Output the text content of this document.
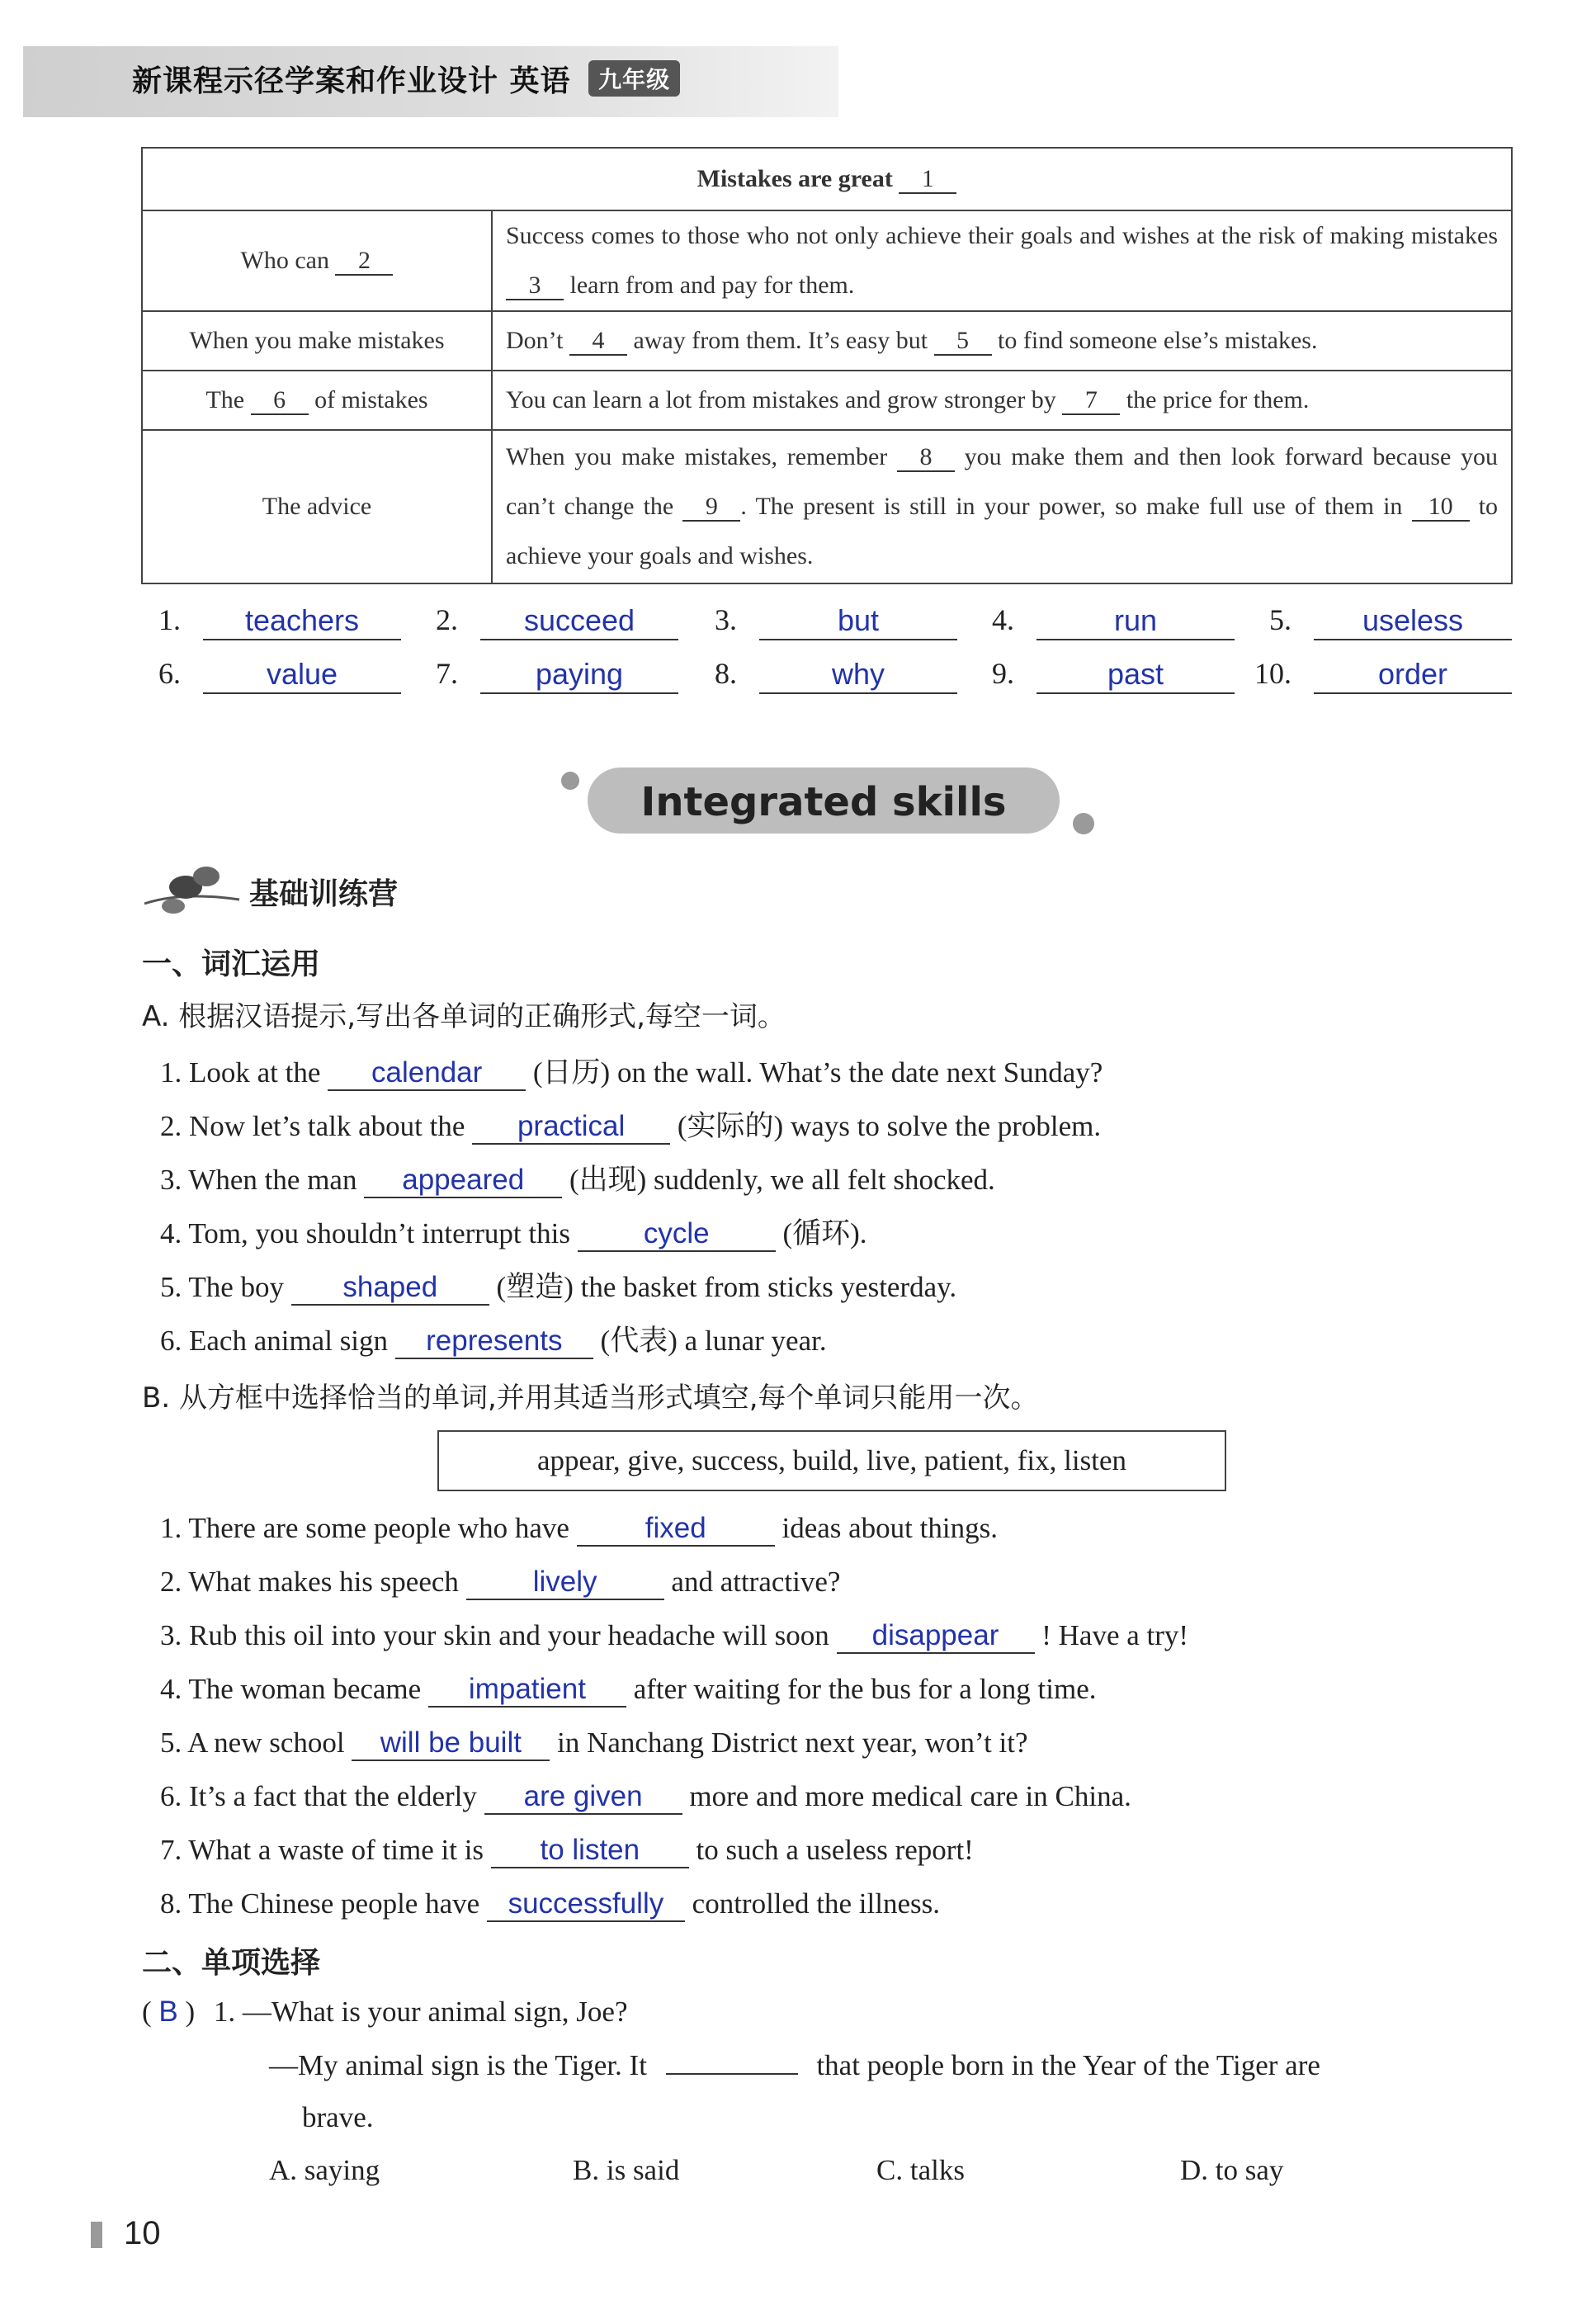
新课程示径学案和作业设计 英语 九年级
Mistakes are great 1	
Who can 2	Success comes to those who not only achieve their goals and wishes at the risk of making mistakes 3 learn from and pay for them.
When you make mistakes	Don’t 4 away from them. It’s easy but 5 to find someone else’s mistakes.
The 6 of mistakes	You can learn a lot from mistakes and grow stronger by 7 the price for them.
The advice	When you make mistakes, remember 8 you make them and then look forward because you can’t change the 9 . The present is still in your power, so make full use of them in 10 to achieve your goals and wishes.
1.	teachers	2.	succeed	3.	but	4.	run	5.	useless
6.	value	7.	paying	8.	why	9.	past	10.	order
Integrated skills
基础训练营
一、词汇运用
A. 根据汉语提示,写出各单词的正确形式,每空一词。
1. Look at the calendar (日历) on the wall. What’s the date next Sunday?
2. Now let’s talk about the practical (实际的) ways to solve the problem.
3. When the man appeared (出现) suddenly, we all felt shocked.
4. Tom, you shouldn’t interrupt this	cycle	(循环).
5. The boy shaped (塑造) the basket from sticks yesterday.
6. Each animal sign represents (代表) a lunar year.
B. 从方框中选择恰当的单词,并用其适当形式填空,每个单词只能用一次。
appear, give, success, build, live, patient, fix, listen
1. There are some people who have	fixed	ideas about things.
2. What makes his speech	lively	and attractive?
3. Rub this oil into your skin and your headache will soon disappear ! Have a try!
4. The woman became impatient after waiting for the bus for a long time.
5. A new school will be built in Nanchang District next year, won’t it?
6. It’s a fact that the elderly are given more and more medical care in China.
7. What a waste of time it is to listen to such a useless report!
8. The Chinese people have successfully controlled the illness.
二、单项选择
( B ) 1. —What is your animal sign, Joe?
—My animal sign is the Tiger. It	that people born in the Year of the Tiger are
brave.
A. saying	B. is said	C. talks	D. to say
10
